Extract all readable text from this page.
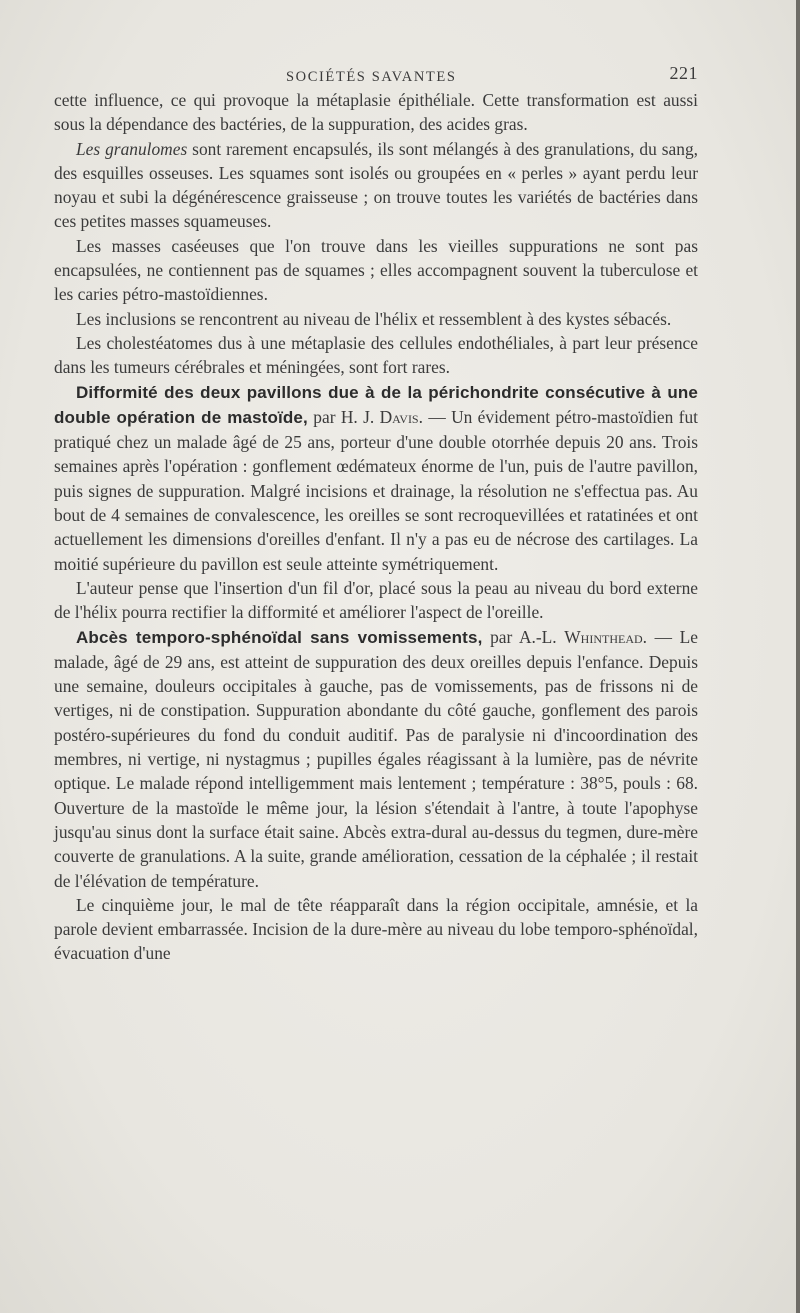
SOCIÉTÉS SAVANTES	221

cette influence, ce qui provoque la métaplasie épithéliale. Cette transformation est aussi sous la dépendance des bactéries, de la suppuration, des acides gras.

Les granulomes sont rarement encapsulés, ils sont mélangés à des granulations, du sang, des esquilles osseuses. Les squames sont isolés ou groupées en « perles » ayant perdu leur noyau et subi la dégénérescence graisseuse ; on trouve toutes les variétés de bactéries dans ces petites masses squameuses.

Les masses caséeuses que l'on trouve dans les vieilles suppurations ne sont pas encapsulées, ne contiennent pas de squames ; elles accompagnent souvent la tuberculose et les caries pétro-mastoïdiennes.

Les inclusions se rencontrent au niveau de l'hélix et ressemblent à des kystes sébacés.

Les cholestéatomes dus à une métaplasie des cellules endothéliales, à part leur présence dans les tumeurs cérébrales et méningées, sont fort rares.

Difformité des deux pavillons due à de la périchondrite consécutive à une double opération de mastoïde, par H. J. Davis. — Un évidement pétro-mastoïdien fut pratiqué chez un malade âgé de 25 ans, porteur d'une double otorrhée depuis 20 ans. Trois semaines après l'opération : gonflement œdémateux énorme de l'un, puis de l'autre pavillon, puis signes de suppuration. Malgré incisions et drainage, la résolution ne s'effectua pas. Au bout de 4 semaines de convalescence, les oreilles se sont recroquevillées et ratatinées et ont actuellement les dimensions d'oreilles d'enfant. Il n'y a pas eu de nécrose des cartilages. La moitié supérieure du pavillon est seule atteinte symétriquement.

L'auteur pense que l'insertion d'un fil d'or, placé sous la peau au niveau du bord externe de l'hélix pourra rectifier la difformité et améliorer l'aspect de l'oreille.

Abcès temporo-sphénoïdal sans vomissements, par A.-L. Whinthead. — Le malade, âgé de 29 ans, est atteint de suppuration des deux oreilles depuis l'enfance. Depuis une semaine, douleurs occipitales à gauche, pas de vomissements, pas de frissons ni de vertiges, ni de constipation. Suppuration abondante du côté gauche, gonflement des parois postéro-supérieures du fond du conduit auditif. Pas de paralysie ni d'incoordination des membres, ni vertige, ni nystagmus ; pupilles égales réagissant à la lumière, pas de névrite optique. Le malade répond intelligemment mais lentement ; température : 38°5, pouls : 68. Ouverture de la mastoïde le même jour, la lésion s'étendait à l'antre, à toute l'apophyse jusqu'au sinus dont la surface était saine. Abcès extra-dural au-dessus du tegmen, dure-mère couverte de granulations. A la suite, grande amélioration, cessation de la céphalée ; il restait de l'élévation de température.

Le cinquième jour, le mal de tête réapparaît dans la région occipitale, amnésie, et la parole devient embarrassée. Incision de la dure-mère au niveau du lobe temporo-sphénoïdal, évacuation d'une
